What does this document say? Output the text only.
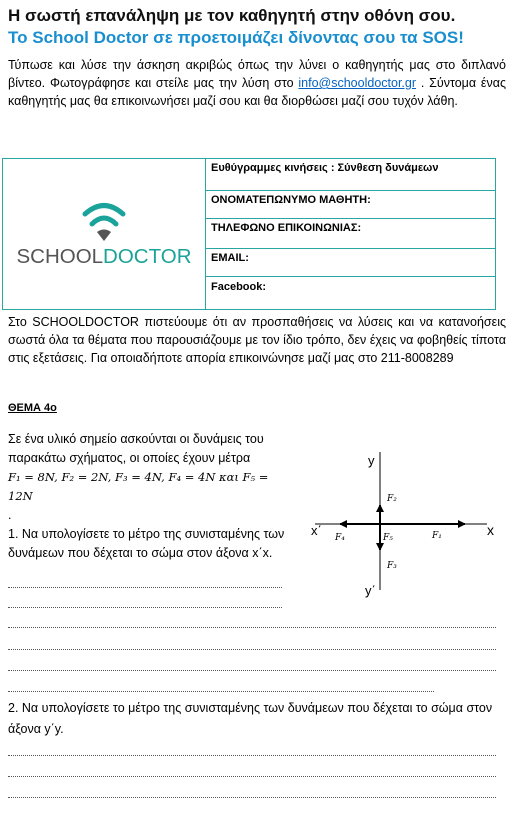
Η σωστή επανάληψη με τον καθηγητή στην οθόνη σου.
Το School Doctor σε προετοιμάζει δίνοντας σου τα SOS!
Τύπωσε και λύσε την άσκηση ακριβώς όπως την λύνει ο καθηγητής μας στο διπλανό βίντεο. Φωτογράφησε και στείλε μας την λύση στο info@schooldoctor.gr . Σύντομα ένας καθηγητής μας θα επικοινωνήσει μαζί σου και θα διορθώσει μαζί σου τυχόν λάθη.
SCHOOLDOCTOR
Ευθύγραμμες κινήσεις : Σύνθεση δυνάμεων
ΟΝΟΜΑΤΕΠΩΝΥΜΟ ΜΑΘΗΤΗ:
ΤΗΛΕΦΩΝΟ ΕΠΙΚΟΙΝΩΝΙΑΣ:
EMAIL:
Facebook:
Στο SCHOOLDOCTOR πιστεύουμε ότι αν προσπαθήσεις να λύσεις και να κατανοήσεις σωστά όλα τα θέματα που παρουσιάζουμε με τον ίδιο τρόπο, δεν έχεις να φοβηθείς τίποτα στις εξετάσεις. Για οποιαδήποτε απορία επικοινώνησε μαζί μας στο 211-8008289
ΘΕΜΑ 4ο
Σε ένα υλικό σημείο ασκούνται οι δυνάμεις του παρακάτω σχήματος, οι οποίες έχουν μέτρα
F₁ = 8N, F₂ = 2N, F₃ = 4N, F₄ = 4N και F₅ = 12N
.
1. Να υπολογίσετε το μέτρο της συνισταμένης των δυνάμεων που δέχεται το σώμα στον άξονα x΄x.
y
y΄
x
x΄	F₁
F₂
F₃
F₄	F₅
2. Να υπολογίσετε το μέτρο της συνισταμένης των δυνάμεων που δέχεται το σώμα στον άξονα y΄y.
